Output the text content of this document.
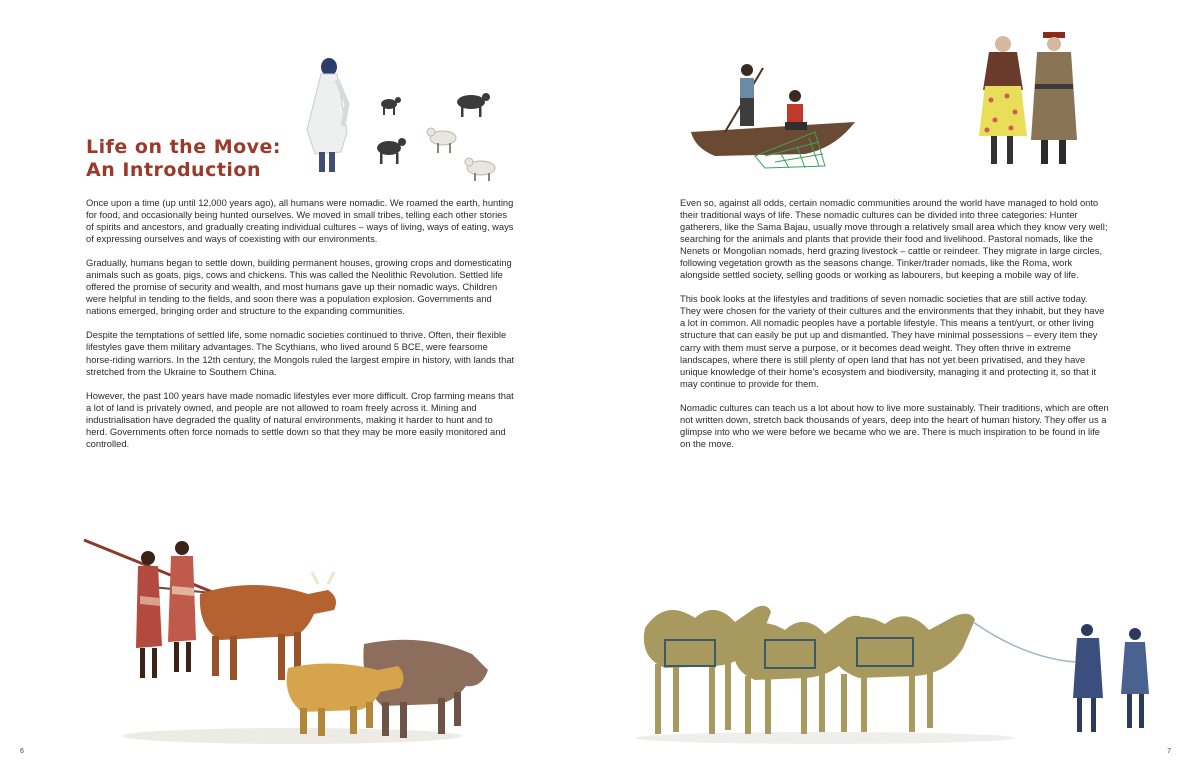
Life on the Move:
An Introduction

Once upon a time (up until 12,000 years ago), all humans were nomadic. We roamed the earth, hunting for food, and occasionally being hunted ourselves. We moved in small tribes, telling each other stories of spirits and ancestors, and gradually creating individual cultures – ways of living, ways of eating, ways of expressing ourselves and ways of coexisting with our environments.

Gradually, humans began to settle down, building permanent houses, growing crops and domesticating animals such as goats, pigs, cows and chickens. This was called the Neolithic Revolution. Settled life offered the promise of security and wealth, and most humans gave up their nomadic ways. Children were helpful in tending to the fields, and soon there was a population explosion. Governments and nations emerged, bringing order and structure to the expanding communities.

Despite the temptations of settled life, some nomadic societies continued to thrive. Often, their flexible lifestyles gave them military advantages. The Scythians, who lived around 5 BCE, were fearsome horse-riding warriors. In the 12th century, the Mongols ruled the largest empire in history, with lands that stretched from the Ukraine to Southern China.

However, the past 100 years have made nomadic lifestyles ever more difficult. Crop farming means that a lot of land is privately owned, and people are not allowed to roam freely across it. Mining and industrialisation have degraded the quality of natural environments, making it harder to hunt and to herd. Governments often force nomads to settle down so that they may be more easily monitored and controlled.

6

Even so, against all odds, certain nomadic communities around the world have managed to hold onto their traditional ways of life. These nomadic cultures can be divided into three categories: Hunter gatherers, like the Sama Bajau, usually move through a relatively small area which they know very well; searching for the animals and plants that provide their food and livelihood. Pastoral nomads, like the Nenets or Mongolian nomads, herd grazing livestock – cattle or reindeer. They migrate in large circles, following vegetation growth as the seasons change. Tinker/trader nomads, like the Roma, work alongside settled society, selling goods or working as labourers, but keeping a mobile way of life.

This book looks at the lifestyles and traditions of seven nomadic societies that are still active today. They were chosen for the variety of their cultures and the environments that they inhabit, but they have a lot in common. All nomadic peoples have a portable lifestyle. This means a tent/yurt, or other living structure that can easily be put up and dismantled. They have minimal possessions – every item they carry with them must serve a purpose, or it becomes dead weight. They often thrive in extreme landscapes, where there is still plenty of open land that has not yet been privatised, and they have unique knowledge of their home's ecosystem and biodiversity, managing it and protecting it, so that it may continue to provide for them.

Nomadic cultures can teach us a lot about how to live more sustainably. Their traditions, which are often not written down, stretch back thousands of years, deep into the heart of human history. They offer us a glimpse into who we were before we became who we are. There is much inspiration to be found in life on the move.

7
